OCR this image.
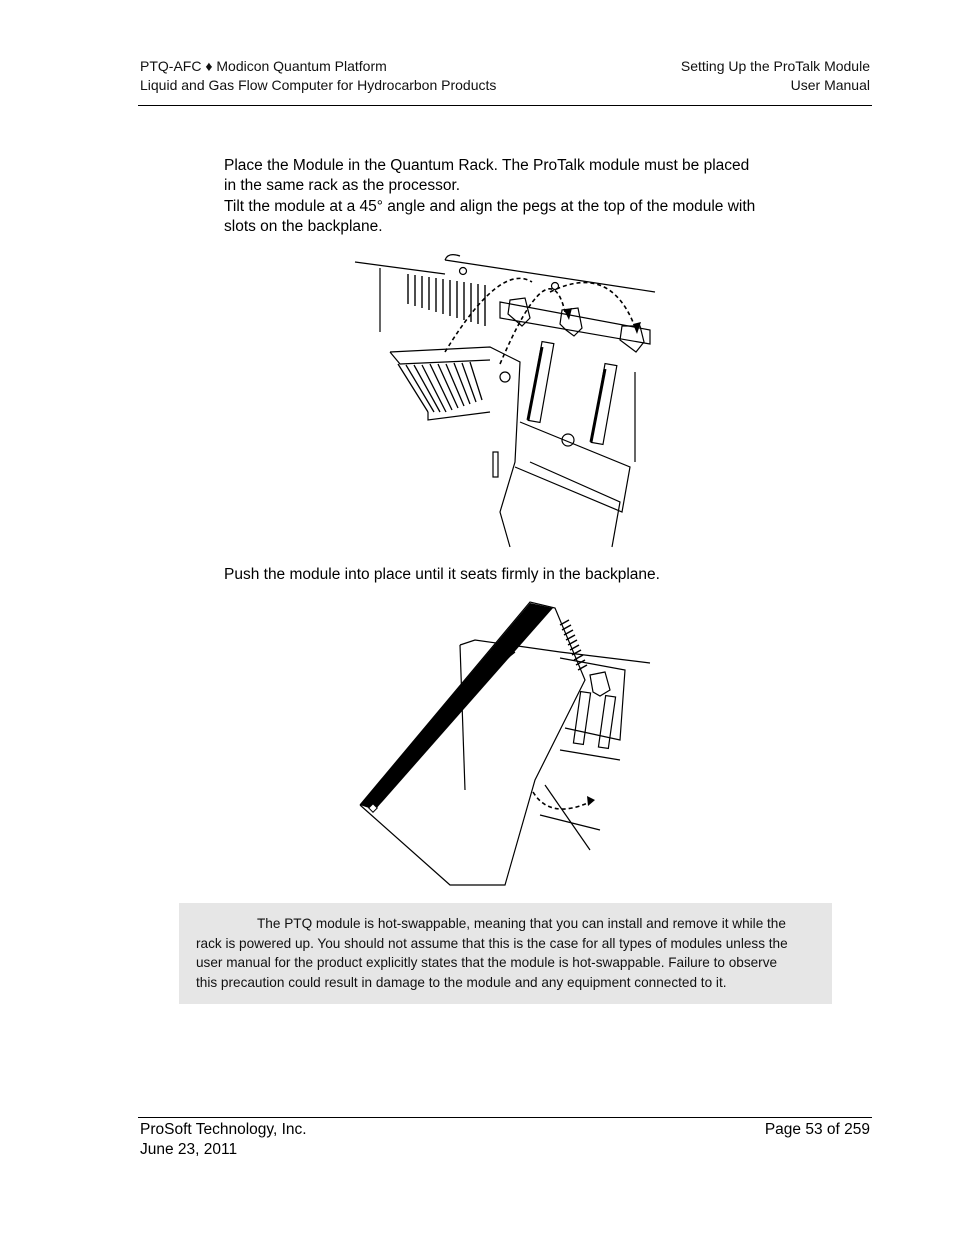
PTQ-AFC ♦ Modicon Quantum Platform
Liquid and Gas Flow Computer for Hydrocarbon Products
Setting Up the ProTalk Module
User Manual
Place the Module in the Quantum Rack. The ProTalk module must be placed
in the same rack as the processor.
Tilt the module at a 45° angle and align the pegs at the top of the module with
slots on the backplane.
Push the module into place until it seats firmly in the backplane.
The PTQ module is hot-swappable, meaning that you can install and remove it while the
rack is powered up. You should not assume that this is the case for all types of modules unless the
user manual for the product explicitly states that the module is hot-swappable. Failure to observe
this precaution could result in damage to the module and any equipment connected to it.
ProSoft Technology, Inc.
June 23, 2011
Page 53 of 259
